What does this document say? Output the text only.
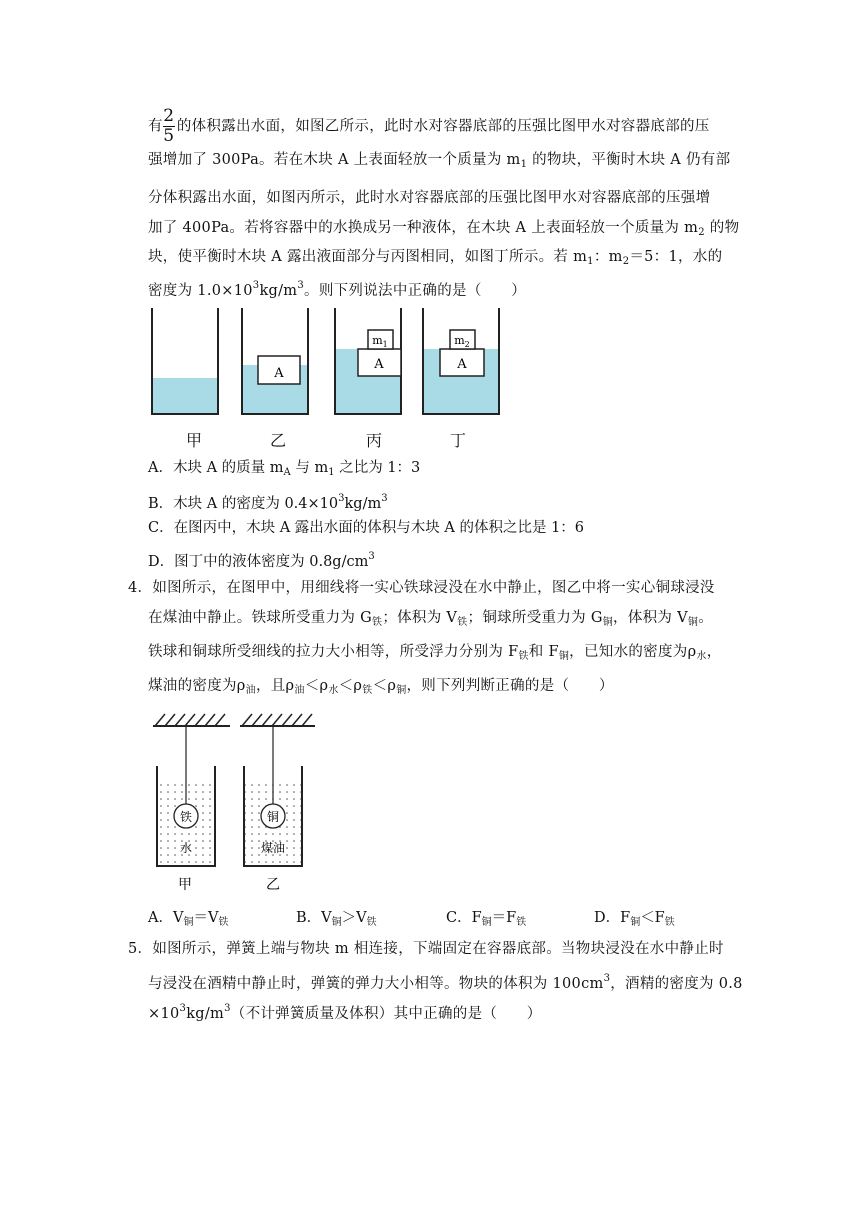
有 $\frac{2}{5}$ 的体积露出水面，如图乙所示，此时水对容器底部的压强比图甲水对容器底部的压
强增加了 300Pa。若在木块 A 上表面轻放一个质量为 $m_1$ 的物块，平衡时木块 A 仍有部
分体积露出水面，如图丙所示，此时水对容器底部的压强比图甲水对容器底部的压强增
加了 400Pa。若将容器中的水换成另一种液体，在木块 A 上表面轻放一个质量为 $m_2$ 的物
块，使平衡时木块 A 露出液面部分与丙图相同，如图丁所示。若 $m_1$：$m_2=5$：1，水的
密度为 $1.0\times 10^3kg/m^3$。则下列说法中正确的是（　　）
A
A
$m_1$
A
$m_2$
甲	乙	丙	丁
A．木块 A 的质量 $m_A$ 与 $m_1$ 之比为 1：3
B．木块 A 的密度为 $0.4\times 10^3kg/m^3$
C．在图丙中，木块 A 露出水面的体积与木块 A 的体积之比是 1：6
D．图丁中的液体密度为 $0.8g/cm^3$
4．如图所示，在图甲中，用细线将一实心铁球浸没在水中静止，图乙中将一实心铜球浸没
在煤油中静止。铁球所受重力为 $G_铁$；体积为 $V_铁$；铜球所受重力为 $G_铜$，体积为 $V_铜$。
铁球和铜球所受细线的拉力大小相等，所受浮力分别为 $F_铁$和 $F_铜$，已知水的密度为$\rho_水$，
煤油的密度为$\rho_油$，且$\rho_油<\rho_水<\rho_铁<\rho_铜$，则下列判断正确的是（　　）
铁
水
铜
煤油
甲	乙
A．$V_铜=V_铁$	B．$V_铜>V_铁$	C．$F_铜=F_铁$	D．$F_铜<F_铁$
5．如图所示，弹簧上端与物块 m 相连接，下端固定在容器底部。当物块浸没在水中静止时
与浸没在酒精中静止时，弹簧的弹力大小相等。物块的体积为 $100cm^3$，酒精的密度为 0.8
$\times 10^3kg/m^3$（不计弹簧质量及体积）其中正确的是（　　）
